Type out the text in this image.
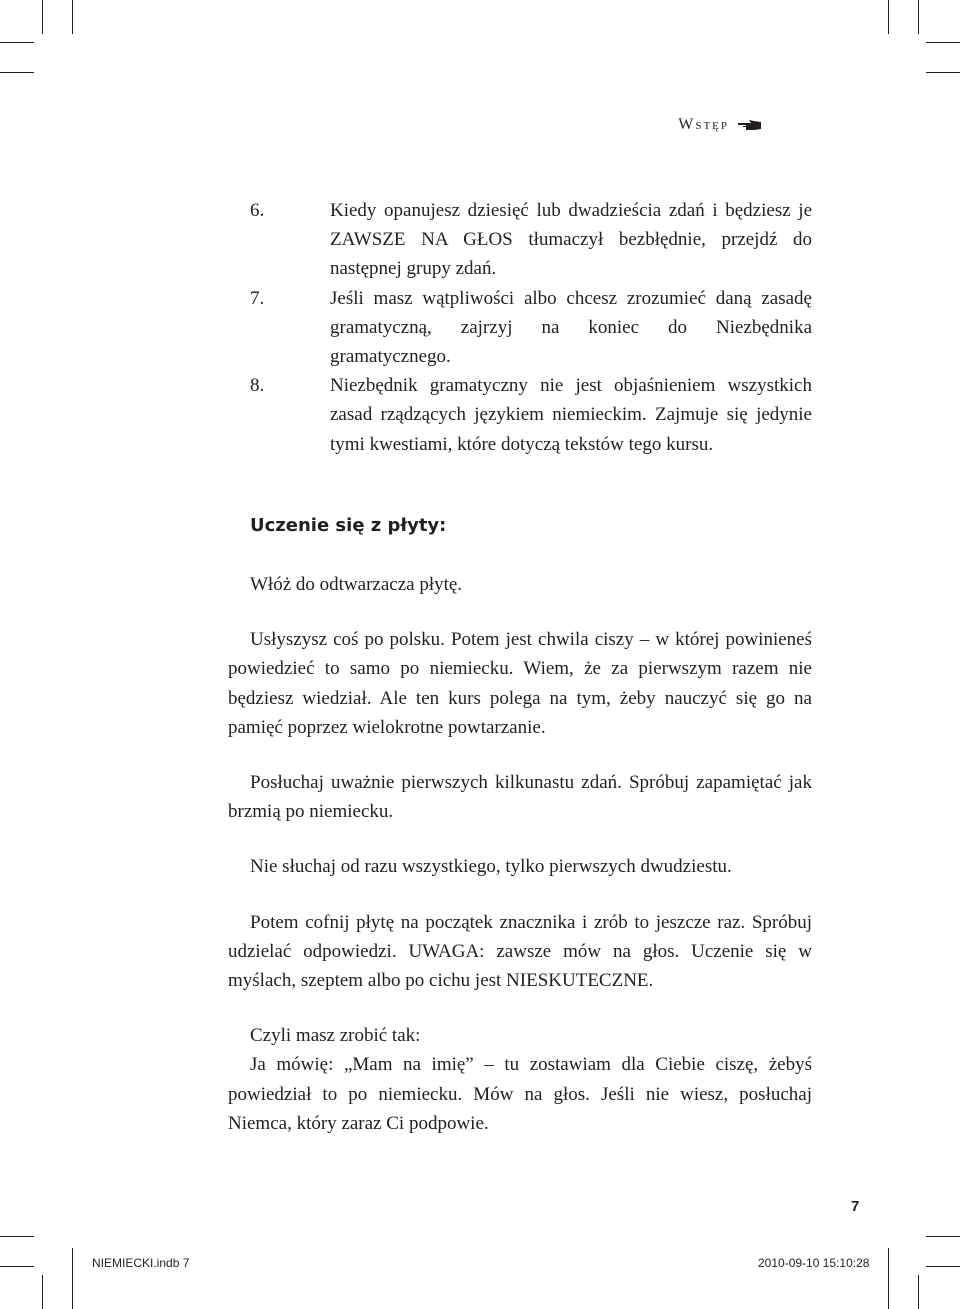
Wstęp
6.	Kiedy opanujesz dziesięć lub dwadzieścia zdań i będziesz je ZAWSZE NA GŁOS tłumaczył bezbłędnie, przejdź do następnej grupy zdań.
7.	Jeśli masz wątpliwości albo chcesz zrozumieć daną zasadę gramatyczną, zajrzyj na koniec do Niezbędnika gramatycznego.
8.	Niezbędnik gramatyczny nie jest objaśnieniem wszystkich zasad rządzących językiem niemieckim. Zajmuje się jedynie tymi kwestiami, które dotyczą tekstów tego kursu.
Uczenie się z płyty:

Włóż do odtwarzacza płytę.

Usłyszysz coś po polsku. Potem jest chwila ciszy – w której powinieneś powiedzieć to samo po niemiecku. Wiem, że za pierwszym razem nie będziesz wiedział. Ale ten kurs polega na tym, żeby nauczyć się go na pamięć poprzez wielokrotne powtarzanie.

Posłuchaj uważnie pierwszych kilkunastu zdań. Spróbuj zapamiętać jak brzmią po niemiecku.

Nie słuchaj od razu wszystkiego, tylko pierwszych dwudziestu.

Potem cofnij płytę na początek znacznika i zrób to jeszcze raz. Spróbuj udzielać odpowiedzi. UWAGA: zawsze mów na głos. Uczenie się w myślach, szeptem albo po cichu jest NIESKUTECZNE.

Czyli masz zrobić tak:

Ja mówię: „Mam na imię” – tu zostawiam dla Ciebie ciszę, żebyś powiedział to po niemiecku. Mów na głos. Jeśli nie wiesz, posłuchaj Niemca, który zaraz Ci podpowie.

7
NIEMIECKI.indb 7	2010-09-10 15:10:28
